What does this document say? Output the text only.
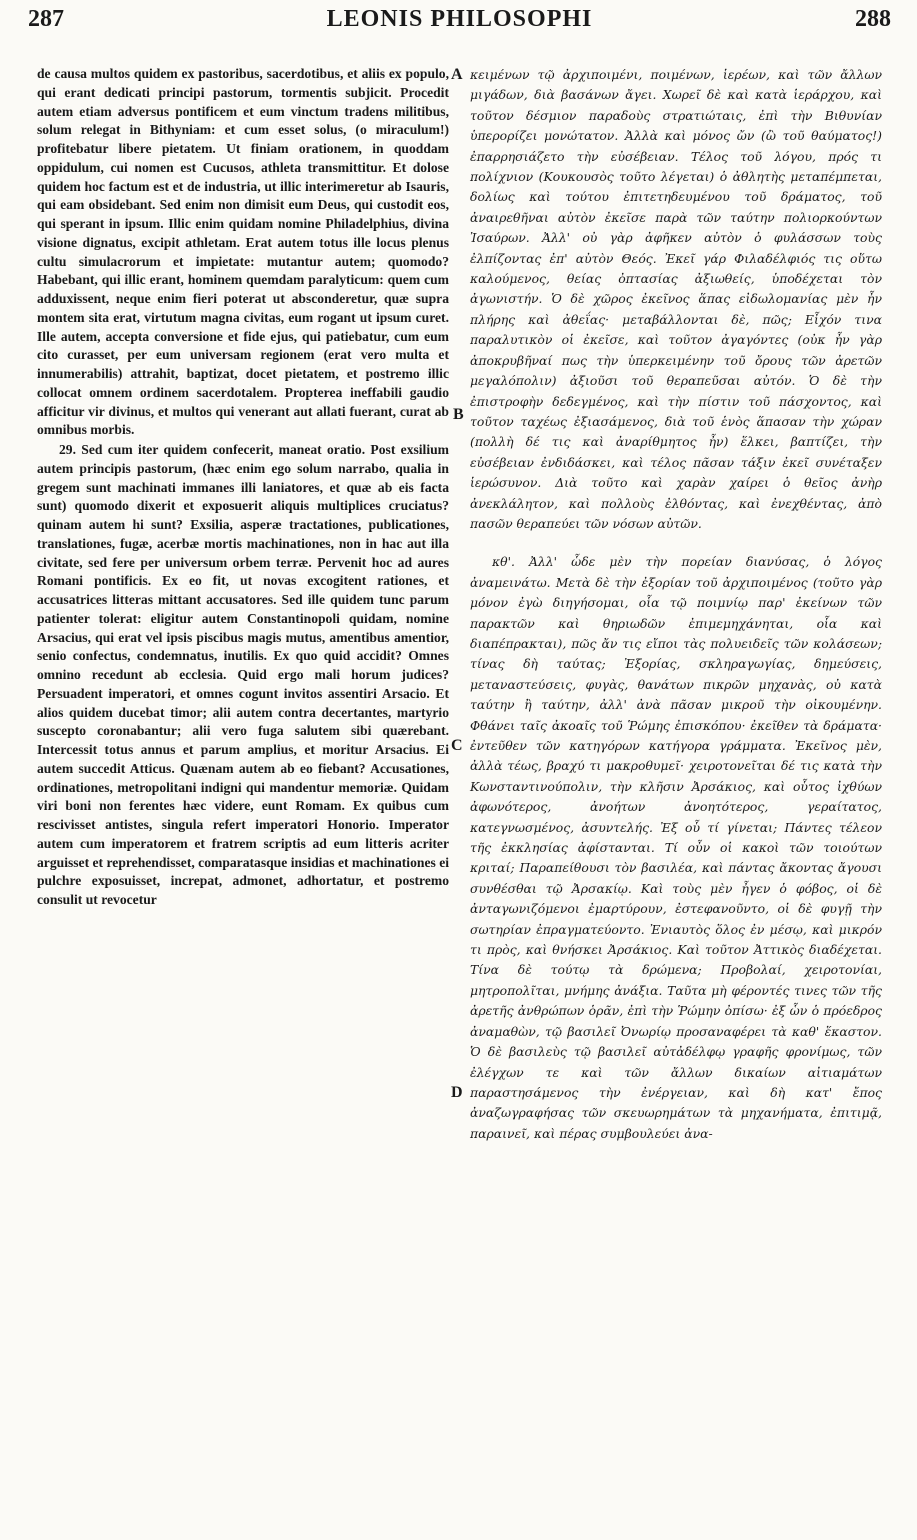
287	LEONIS PHILOSOPHI	288

de causa multos quidem ex pastoribus, sacerdotibus, et aliis ex populo, qui erant dedicati principi pastorum, tormentis subjicit. Procedit autem etiam adversus pontificem et eum vinctum tradens militibus, solum relegat in Bithyniam: et cum esset solus, (o miraculum!) profitebatur libere pietatem. Ut finiam orationem, in quoddam oppidulum, cui nomen est Cucusos, athleta transmittitur. Et dolose quidem hoc factum est et de industria, ut illic interimeretur ab Isauris, qui eam obsidebant. Sed enim non dimisit eum Deus, qui custodit eos, qui sperant in ipsum. Illic enim quidam nomine Philadelphius, divina visione dignatus, excipit athletam. Erat autem totus ille locus plenus cultu simulacrorum et impietate: mutantur autem; quomodo? Habebant, qui illic erant, hominem quemdam paralyticum: quem cum adduxissent, neque enim fieri poterat ut absconderetur, quæ supra montem sita erat, virtutum magna civitas, eum rogant ut ipsum curet. Ille autem, accepta conversione et fide ejus, qui patiebatur, cum eum cito curasset, per eum universam regionem (erat vero multa et innumerabilis) attrahit, baptizat, docet pietatem, et postremo illic collocat omnem ordinem sacerdotalem. Propterea ineffabili gaudio afficitur vir divinus, et multos qui venerant aut allati fuerant, curat ab omnibus morbis.

29. Sed cum iter quidem confecerit, maneat oratio. Post exsilium autem principis pastorum, (hæc enim ego solum narrabo, qualia in gregem sunt machinati immanes illi laniatores, et quæ ab eis facta sunt) quomodo dixerit et exposuerit aliquis multiplices cruciatus? quinam autem hi sunt? Exsilia, asperæ tractationes, publicationes, translationes, fugæ, acerbæ mortis machinationes, non in hac aut illa civitate, sed fere per universum orbem terræ. Pervenit hoc ad aures Romani pontificis. Ex eo fit, ut novas excogitent rationes, et accusatrices litteras mittant accusatores. Sed ille quidem tunc parum patienter tolerat: eligitur autem Constantinopoli quidam, nomine Arsacius, qui erat vel ipsis piscibus magis mutus, amentibus amentior, senio confectus, condemnatus, inutilis. Ex quo quid accidit? Omnes omnino recedunt ab ecclesia. Quid ergo mali horum judices? Persuadent imperatori, et omnes cogunt invitos assentiri Arsacio. Et alios quidem ducebat timor; alii autem contra decertantes, martyrio suscepto coronabantur; alii vero fuga salutem sibi quærebant. Intercessit totus annus et parum amplius, et moritur Arsacius. Ei autem succedit Atticus. Quænam autem ab eo fiebant? Accusationes, ordinationes, metropolitani indigni qui mandentur memoriæ. Quidam viri boni non ferentes hæc videre, eunt Romam. Ex quibus cum rescivisset antistes, singula refert imperatori Honorio. Imperator autem cum imperatorem et fratrem scriptis ad eum litteris acriter arguisset et reprehendisset, comparatasque insidias et machinationes ei pulchre exposuisset, increpat, admonet, adhortatur, et postremo consulit ut revocetur

A
B
C
D

κειμένων τῷ ἀρχιποιμένι, ποιμένων, ἱερέων, καὶ τῶν ἄλλων μιγάδων, διὰ βασάνων ἄγει. Χωρεῖ δὲ καὶ κατὰ ἱεράρχου, καὶ τοῦτον δέσμιον παραδοὺς στρατιώταις, ἐπὶ τὴν Βιθυνίαν ὑπερορίζει μονώτατον. Ἀλλὰ καὶ μόνος ὤν (ὢ τοῦ θαύματος!) ἐπαρρησιάζετο τὴν εὐσέβειαν. Τέλος τοῦ λόγου, πρός τι πολίχνιον (Κουκουσὸς τοῦτο λέγεται) ὁ ἀθλητὴς μεταπέμπεται, δολίως καὶ τούτου ἐπιτετηδευμένου τοῦ δράματος, τοῦ ἀναιρεθῆναι αὐτὸν ἐκεῖσε παρὰ τῶν ταύτην πολιορκούντων Ἰσαύρων. Ἀλλ' οὐ γὰρ ἀφῆκεν αὐτὸν ὁ φυλάσσων τοὺς ἐλπίζοντας ἐπ' αὐτὸν Θεός. Ἐκεῖ γάρ Φιλαδέλφιός τις οὕτω καλούμενος, θείας ὀπτασίας ἀξιωθείς, ὑποδέχεται τὸν ἀγωνιστήν. Ὁ δὲ χῶρος ἐκεῖνος ἅπας εἰδωλομανίας μὲν ἦν πλήρης καὶ ἀθεΐας· μεταβάλλονται δὲ, πῶς; Εἶχόν τινα παραλυτικὸν οἱ ἐκεῖσε, καὶ τοῦτον ἀγαγόντες (οὐκ ἦν γὰρ ἀποκρυβῆναί πως τὴν ὑπερκειμένην τοῦ ὄρους τῶν ἀρετῶν μεγαλόπολιν) ἀξιοῦσι τοῦ θεραπεῦσαι αὐτόν. Ὁ δὲ τὴν ἐπιστροφὴν δεδεγμένος, καὶ τὴν πίστιν τοῦ πάσχοντος, καὶ τοῦτον ταχέως ἐξιασάμενος, διὰ τοῦ ἑνὸς ἅπασαν τὴν χώραν (πολλὴ δέ τις καὶ ἀναρίθμητος ἦν) ἕλκει, βαπτίζει, τὴν εὐσέβειαν ἐνδιδάσκει, καὶ τέλος πᾶσαν τάξιν ἐκεῖ συνέταξεν ἱερώσυνον. Διὰ τοῦτο καὶ χαρὰν χαίρει ὁ θεῖος ἀνὴρ ἀνεκλάλητον, καὶ πολλοὺς ἐλθόντας, καὶ ἐνεχθέντας, ἀπὸ πασῶν θεραπεύει τῶν νόσων αὐτῶν.

κθ'. Ἀλλ' ὧδε μὲν τὴν πορείαν διανύσας, ὁ λόγος ἀναμεινάτω. Μετὰ δὲ τὴν ἐξορίαν τοῦ ἀρχιποιμένος (τοῦτο γὰρ μόνον ἐγὼ διηγήσομαι, οἷα τῷ ποιμνίῳ παρ' ἐκείνων τῶν παρακτῶν καὶ θηριωδῶν ἐπιμεμηχάνηται, οἷα καὶ διαπέπρακται), πῶς ἄν τις εἴποι τὰς πολυειδεῖς τῶν κολάσεων; τίνας δὴ ταύτας; Ἐξορίας, σκληραγωγίας, δημεύσεις, μεταναστεύσεις, φυγὰς, θανάτων πικρῶν μηχανὰς, οὐ κατὰ ταύτην ἢ ταύτην, ἀλλ' ἀνὰ πᾶσαν μικροῦ τὴν οἰκουμένην. Φθάνει ταῖς ἀκοαῖς τοῦ Ῥώμης ἐπισκόπου· ἐκεῖθεν τὰ δράματα· ἐντεῦθεν τῶν κατηγόρων κατήγορα γράμματα. Ἐκεῖνος μὲν, ἀλλὰ τέως, βραχύ τι μακροθυμεῖ· χειροτονεῖται δέ τις κατὰ τὴν Κωνσταντινούπολιν, τὴν κλῆσιν Ἀρσάκιος, καὶ οὗτος ἰχθύων ἀφωνότερος, ἀνοήτων ἀνοητότερος, γεραίτατος, κατεγνωσμένος, ἀσυντελής. Ἐξ οὗ τί γίνεται; Πάντες τέλεον τῆς ἐκκλησίας ἀφίστανται. Τί οὖν οἱ κακοὶ τῶν τοιούτων κριταί; Παραπείθουσι τὸν βασιλέα, καὶ πάντας ἄκοντας ἄγουσι συνθέσθαι τῷ Ἀρσακίῳ. Καὶ τοὺς μὲν ἦγεν ὁ φόβος, οἱ δὲ ἀνταγωνιζόμενοι ἐμαρτύρουν, ἐστεφανοῦντο, οἱ δὲ φυγῇ τὴν σωτηρίαν ἐπραγματεύοντο. Ἐνιαυτὸς ὅλος ἐν μέσῳ, καὶ μικρόν τι πρὸς, καὶ θνήσκει Ἀρσάκιος. Καὶ τοῦτον Ἀττικὸς διαδέχεται. Τίνα δὲ τούτῳ τὰ δρώμενα; Προβολαί, χειροτονίαι, μητροπολῖται, μνήμης ἀνάξια. Ταῦτα μὴ φέροντές τινες τῶν τῆς ἀρετῆς ἀνθρώπων ὁρᾶν, ἐπὶ τὴν Ῥώμην ὀπίσω· ἐξ ὧν ὁ πρόεδρος ἀναμαθὼν, τῷ βασιλεῖ Ὀνωρίῳ προσαναφέρει τὰ καθ' ἕκαστον. Ὁ δὲ βασιλεὺς τῷ βασιλεῖ αὐτἀδέλφῳ γραφῆς φρονίμως, τῶν ἐλέγχων τε καὶ τῶν ἄλλων δικαίων αἰτιαμάτων παραστησάμενος τὴν ἐνέργειαν, καὶ δὴ κατ' ἔπος ἀναζωγραφήσας τῶν σκευωρημάτων τὰ μηχανήματα, ἐπιτιμᾷ, παραινεῖ, καὶ πέρας συμβουλεύει ἀνα-
